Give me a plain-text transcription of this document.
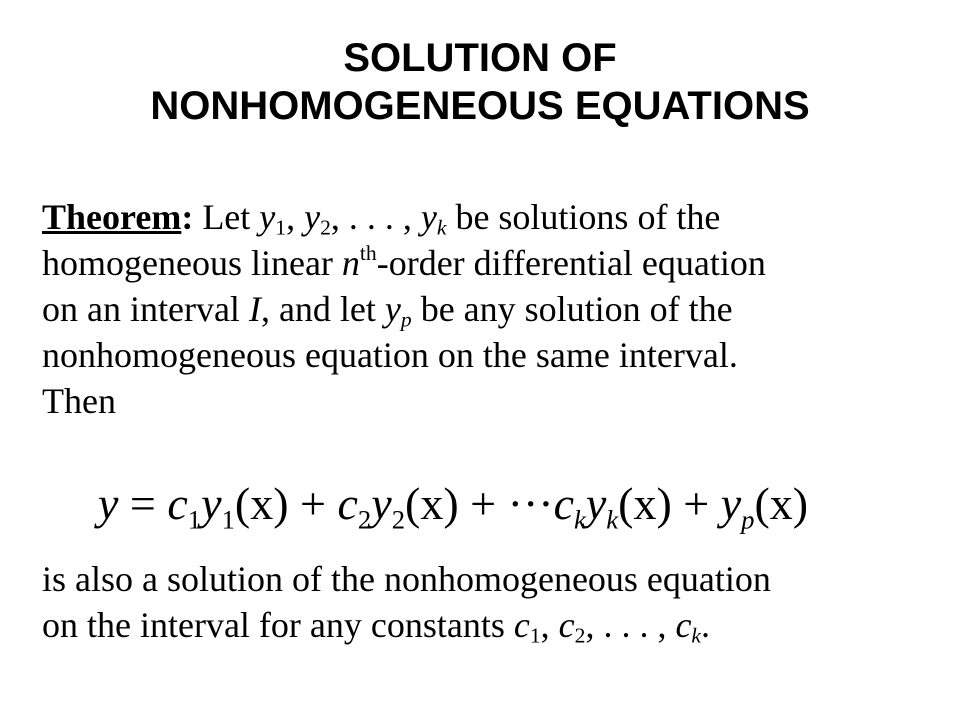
SOLUTION OF
NONHOMOGENEOUS EQUATIONS
Theorem: Let $y_1$, $y_2$, . . . , $y_k$ be solutions of the
homogeneous linear $n^{th}$-order differential equation
on an interval I, and let $y_p$ be any solution of the
nonhomogeneous equation on the same interval.
Then
$y = c_1y_1(x) + c_2y_2(x) + \cdot\cdot\cdot c_ky_k(x) + y_p(x)$
is also a solution of the nonhomogeneous equation
on the interval for any constants $c_1$, $c_2$, . . . , $c_k$.
